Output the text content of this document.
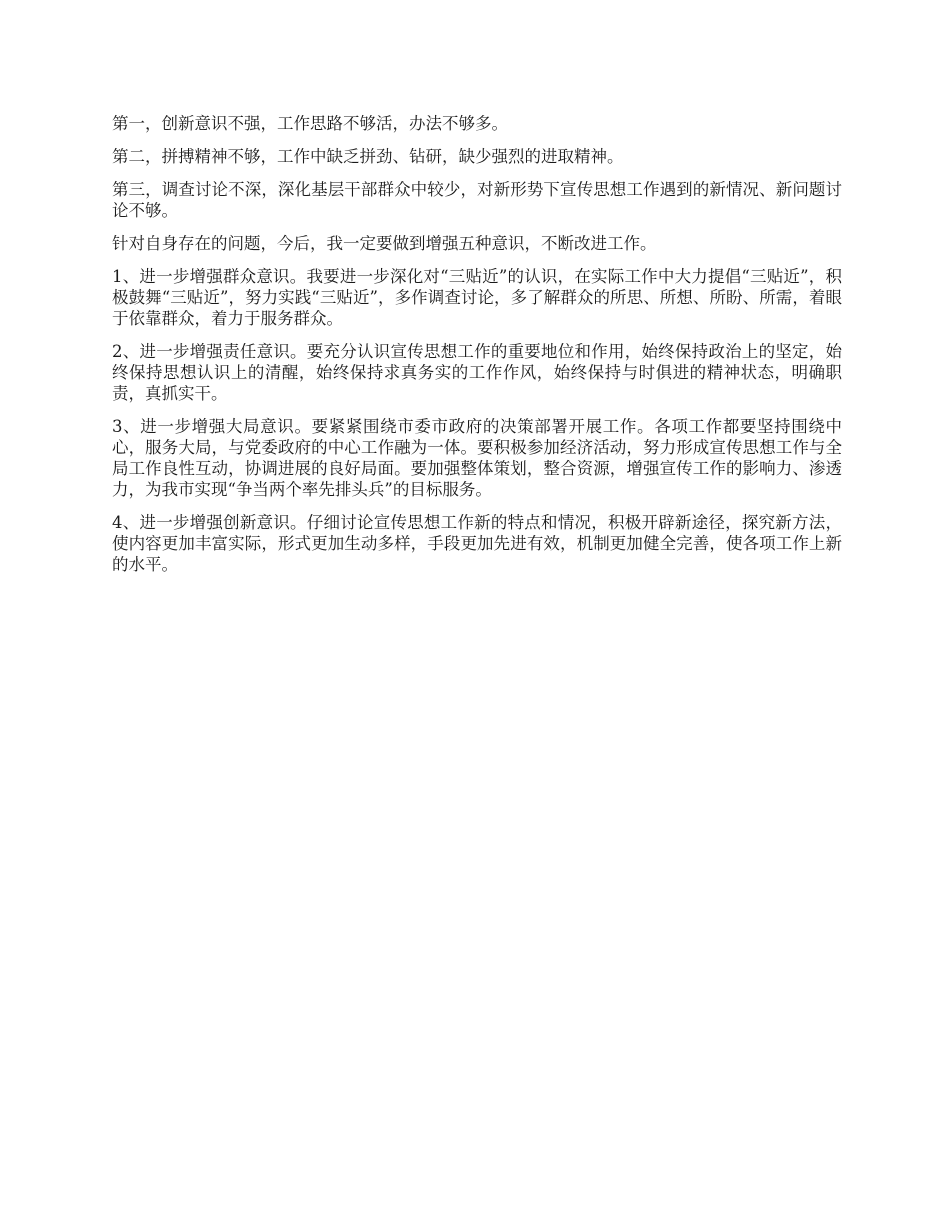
第一，创新意识不强，工作思路不够活，办法不够多。

第二，拼搏精神不够，工作中缺乏拼劲、钻研，缺少强烈的进取精神。

第三，调查讨论不深，深化基层干部群众中较少，对新形势下宣传思想工作遇到的新情况、新问题讨论不够。

针对自身存在的问题，今后，我一定要做到增强五种意识，不断改进工作。

1、进一步增强群众意识。我要进一步深化对“三贴近”的认识，在实际工作中大力提倡“三贴近”，积极鼓舞“三贴近”，努力实践“三贴近”，多作调查讨论，多了解群众的所思、所想、所盼、所需，着眼于依靠群众，着力于服务群众。

2、进一步增强责任意识。要充分认识宣传思想工作的重要地位和作用，始终保持政治上的坚定，始终保持思想认识上的清醒，始终保持求真务实的工作作风，始终保持与时俱进的精神状态，明确职责，真抓实干。

3、进一步增强大局意识。要紧紧围绕市委市政府的决策部署开展工作。各项工作都要坚持围绕中心，服务大局，与党委政府的中心工作融为一体。要积极参加经济活动，努力形成宣传思想工作与全局工作良性互动，协调进展的良好局面。要加强整体策划，整合资源，增强宣传工作的影响力、渗透力，为我市实现“争当两个率先排头兵”的目标服务。

4、进一步增强创新意识。仔细讨论宣传思想工作新的特点和情况，积极开辟新途径，探究新方法，使内容更加丰富实际，形式更加生动多样，手段更加先进有效，机制更加健全完善，使各项工作上新的水平。
